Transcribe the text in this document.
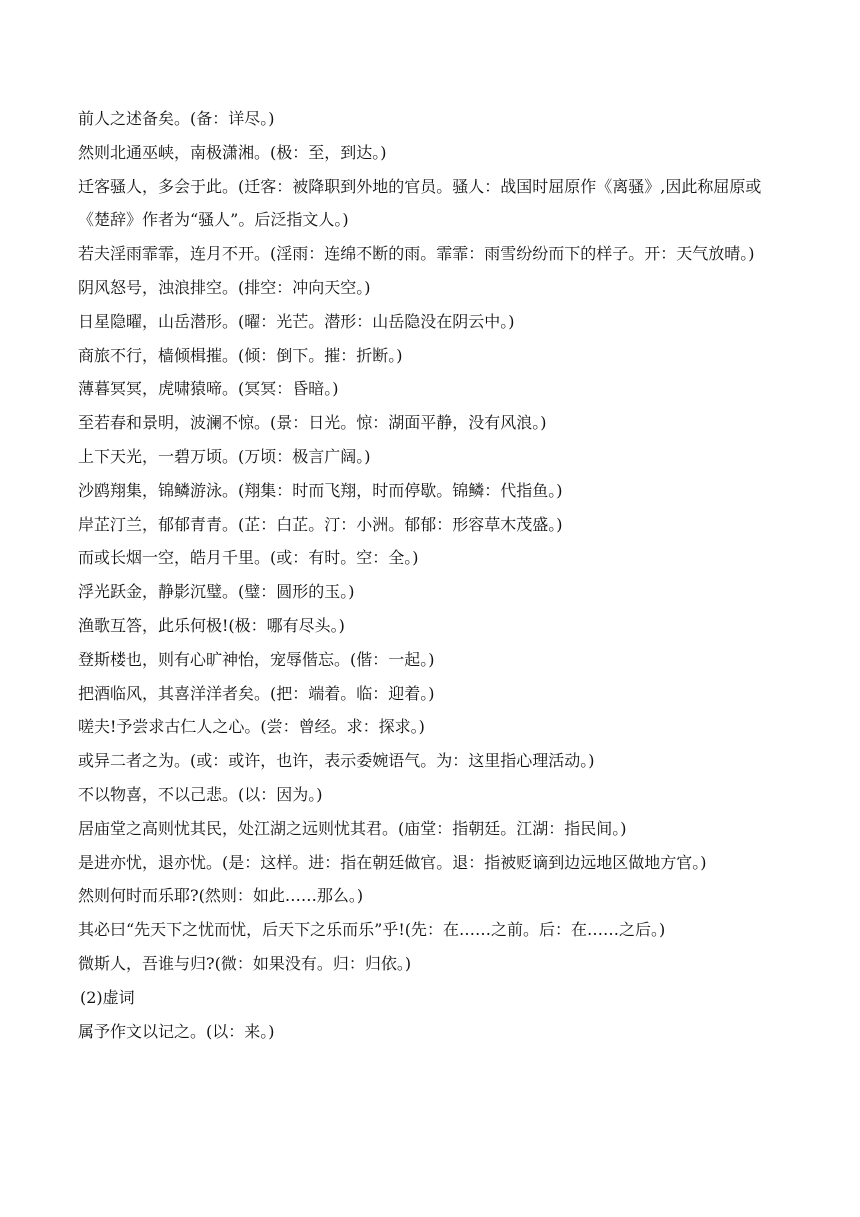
前人之述备矣。(备：详尽。)
然则北通巫峡，南极潇湘。(极：至，到达。)
迁客骚人，多会于此。(迁客：被降职到外地的官员。骚人：战国时屈原作《离骚》,因此称屈原或《楚辞》作者为“骚人”。后泛指文人。)
若夫淫雨霏霏，连月不开。(淫雨：连绵不断的雨。霏霏：雨雪纷纷而下的样子。开：天气放晴。)
阴风怒号，浊浪排空。(排空：冲向天空。)
日星隐曜，山岳潜形。(曜：光芒。潜形：山岳隐没在阴云中。)
商旅不行，樯倾楫摧。(倾：倒下。摧：折断。)
薄暮冥冥，虎啸猿啼。(冥冥：昏暗。)
至若春和景明，波澜不惊。(景：日光。惊：湖面平静，没有风浪。)
上下天光，一碧万顷。(万顷：极言广阔。)
沙鸥翔集，锦鳞游泳。(翔集：时而飞翔，时而停歇。锦鳞：代指鱼。)
岸芷汀兰，郁郁青青。(芷：白芷。汀：小洲。郁郁：形容草木茂盛。)
而或长烟一空，皓月千里。(或：有时。空：全。)
浮光跃金，静影沉璧。(璧：圆形的玉。)
渔歌互答，此乐何极!(极：哪有尽头。)
登斯楼也，则有心旷神怡，宠辱偕忘。(偕：一起。)
把酒临风，其喜洋洋者矣。(把：端着。临：迎着。)
嗟夫!予尝求古仁人之心。(尝：曾经。求：探求。)
或异二者之为。(或：或许，也许，表示委婉语气。为：这里指心理活动。)
不以物喜，不以己悲。(以：因为。)
居庙堂之高则忧其民，处江湖之远则忧其君。(庙堂：指朝廷。江湖：指民间。)
是进亦忧，退亦忧。(是：这样。进：指在朝廷做官。退：指被贬谪到边远地区做地方官。)
然则何时而乐耶?(然则：如此……那么。)
其必曰“先天下之忧而忧，后天下之乐而乐”乎!(先：在……之前。后：在……之后。)
微斯人，吾谁与归?(微：如果没有。归：归依。)
(2)虚词
属予作文以记之。(以：来。)
